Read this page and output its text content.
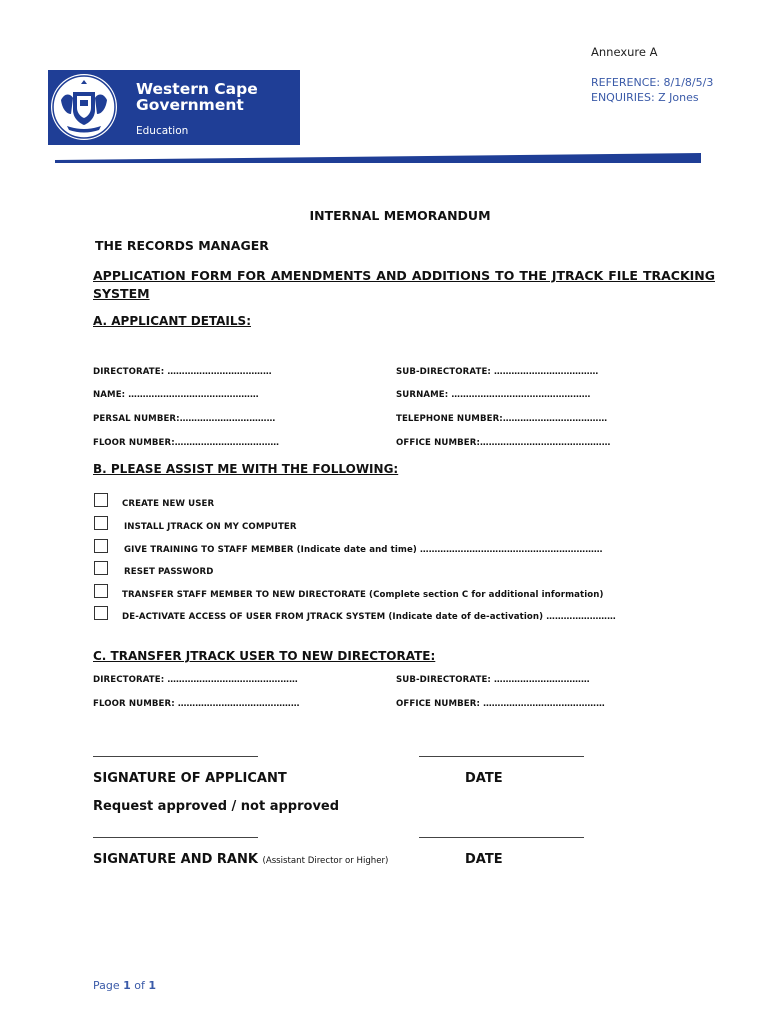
Western Cape
Government
Education
Annexure A
REFERENCE: 8/1/8/5/3
ENQUIRIES: Z Jones
INTERNAL MEMORANDUM
THE RECORDS MANAGER
APPLICATION FORM FOR AMENDMENTS AND ADDITIONS TO THE JTRACK FILE TRACKING SYSTEM
A. APPLICANT DETAILS:
DIRECTORATE: ………………………………	SUB-DIRECTORATE: ………………………………
NAME: ………………………………………	SURNAME: …………………………………………
PERSAL NUMBER:……………………………	TELEPHONE NUMBER:………………………………
FLOOR NUMBER:………………………………	OFFICE NUMBER:………………………………………
B. PLEASE ASSIST ME WITH THE FOLLOWING:
CREATE NEW USER
INSTALL JTRACK ON MY COMPUTER
GIVE TRAINING TO STAFF MEMBER (Indicate date and time) ………………………………………………………
RESET PASSWORD
TRANSFER STAFF MEMBER TO NEW DIRECTORATE (Complete section C for additional information)
DE-ACTIVATE ACCESS OF USER FROM JTRACK SYSTEM (Indicate date of de-activation) ……………………
C. TRANSFER JTRACK USER TO NEW DIRECTORATE:
DIRECTORATE: ………………………………………	SUB-DIRECTORATE: ……………………………
FLOOR NUMBER: ……………………………………	OFFICE NUMBER: ……………………………………
SIGNATURE OF APPLICANT	DATE
Request approved / not approved
SIGNATURE AND RANK (Assistant Director or Higher)	DATE
Page 1 of 1
